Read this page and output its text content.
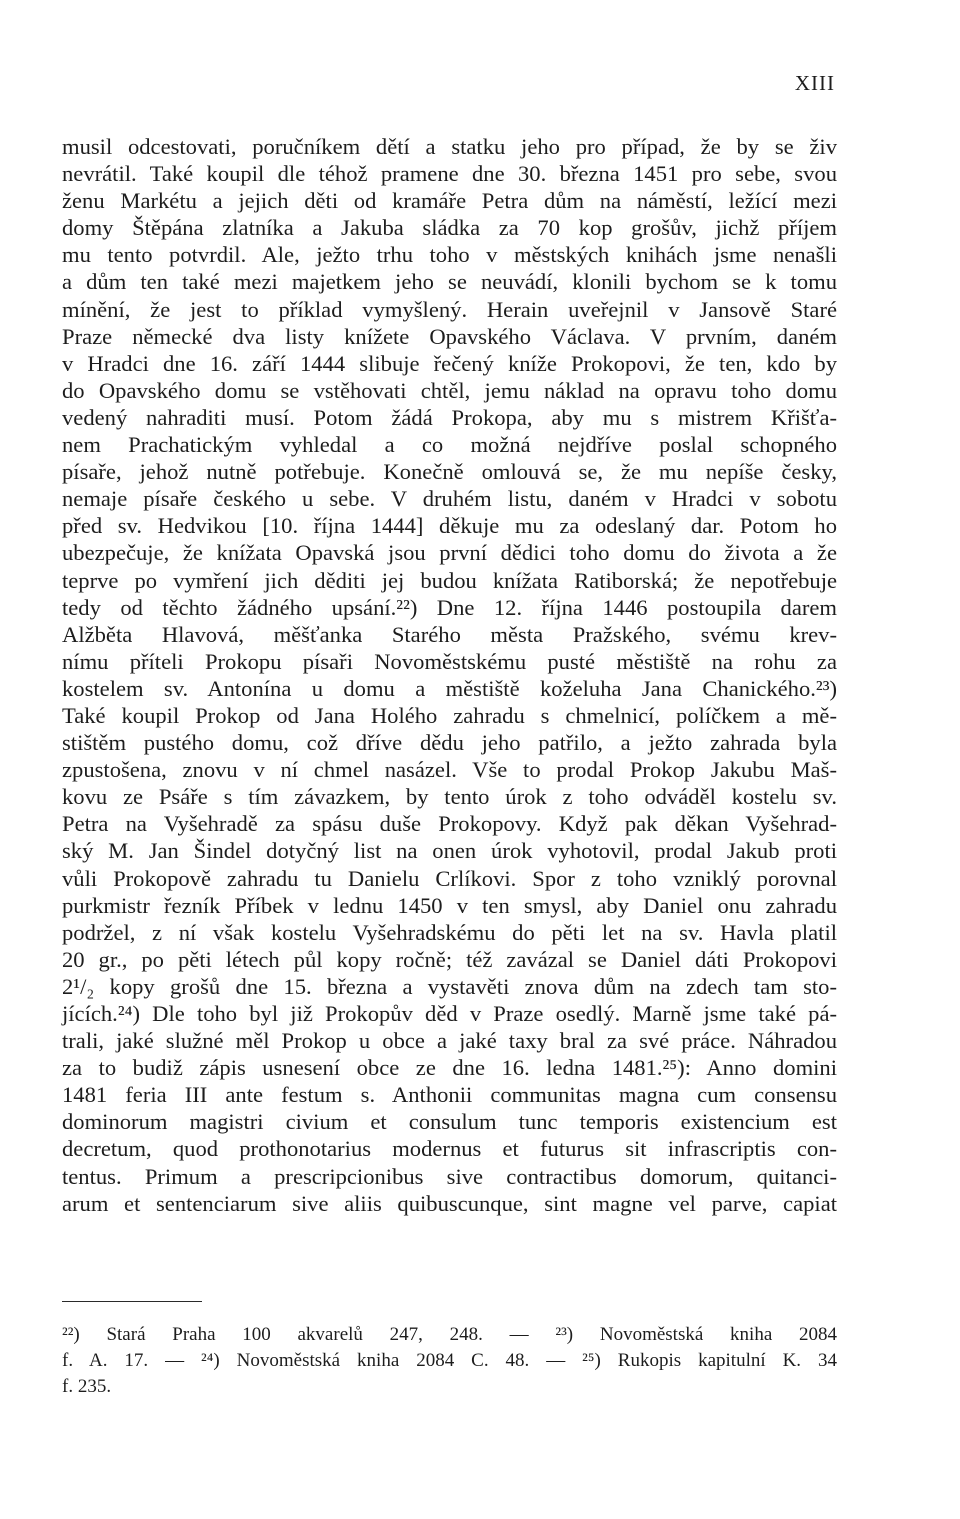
XIII
musil odcestovati, poručníkem dětí a statku jeho pro případ, že by se živ
nevrátil. Také koupil dle téhož pramene dne 30. března 1451 pro sebe, svou
ženu Markétu a jejich děti od kramáře Petra dům na náměstí, ležící mezi
domy Štěpána zlatníka a Jakuba sládka za 70 kop grošův, jichž příjem
mu tento potvrdil. Ale, ježto trhu toho v městských knihách jsme nenašli
a dům ten také mezi majetkem jeho se neuvádí, klonili bychom se k tomu
mínění, že jest to příklad vymyšlený. Herain uveřejnil v Jansově Staré
Praze německé dva listy knížete Opavského Václava. V prvním, daném
v Hradci dne 16. září 1444 slibuje řečený kníže Prokopovi, že ten, kdo by
do Opavského domu se vstěhovati chtěl, jemu náklad na opravu toho domu
vedený nahraditi musí. Potom žádá Prokopa, aby mu s mistrem Křišťa-
nem Prachatickým vyhledal a co možná nejdříve poslal schopného
písaře, jehož nutně potřebuje. Konečně omlouvá se, že mu nepíše česky,
nemaje písaře českého u sebe. V druhém listu, daném v Hradci v sobotu
před sv. Hedvikou [10. října 1444] děkuje mu za odeslaný dar. Potom ho
ubezpečuje, že knížata Opavská jsou první dědici toho domu do života a že
teprve po vymření jich děditi jej budou knížata Ratiborská; že nepotřebuje
tedy od těchto žádného upsání.²²) Dne 12. října 1446 postoupila darem
Alžběta Hlavová, měšťanka Starého města Pražského, svému krev-
nímu příteli Prokopu písaři Novoměstskému pusté městiště na rohu za
kostelem sv. Antonína u domu a městiště koželuha Jana Chanického.²³)
Také koupil Prokop od Jana Holého zahradu s chmelnicí, políčkem a mě-
stištěm pustého domu, což dříve dědu jeho patřilo, a ježto zahrada byla
zpustošena, znovu v ní chmel nasázel. Vše to prodal Prokop Jakubu Maš-
kovu ze Psáře s tím závazkem, by tento úrok z toho odváděl kostelu sv.
Petra na Vyšehradě za spásu duše Prokopovy. Když pak děkan Vyšehrad-
ský M. Jan Šindel dotyčný list na onen úrok vyhotovil, prodal Jakub proti
vůli Prokopově zahradu tu Danielu Crlíkovi. Spor z toho vzniklý porovnal
purkmistr řezník Příbek v lednu 1450 v ten smysl, aby Daniel onu zahradu
podržel, z ní však kostelu Vyšehradskému do pěti let na sv. Havla platil
20 gr., po pěti létech půl kopy ročně; též zavázal se Daniel dáti Prokopovi
2¹/₂ kopy grošů dne 15. března a vystavěti znova dům na zdech tam sto-
jících.²⁴) Dle toho byl již Prokopův děd v Praze osedlý. Marně jsme také pá-
trali, jaké služné měl Prokop u obce a jaké taxy bral za své práce. Náhradou
za to budiž zápis usnesení obce ze dne 16. ledna 1481.²⁵): Anno domini
1481 feria III ante festum s. Anthonii communitas magna cum consensu
dominorum magistri civium et consulum tunc temporis existencium est
decretum, quod prothonotarius modernus et futurus sit infrascriptis con-
tentus. Primum a prescripcionibus sive contractibus domorum, quitanci-
arum et sentenciarum sive aliis quibuscunque, sint magne vel parve, capiat
²²) Stará Praha 100 akvarelů 247, 248. — ²³) Novoměstská kniha 2084
f. A. 17. — ²⁴) Novoměstská kniha 2084 C. 48. — ²⁵) Rukopis kapitulní K. 34
f. 235.
